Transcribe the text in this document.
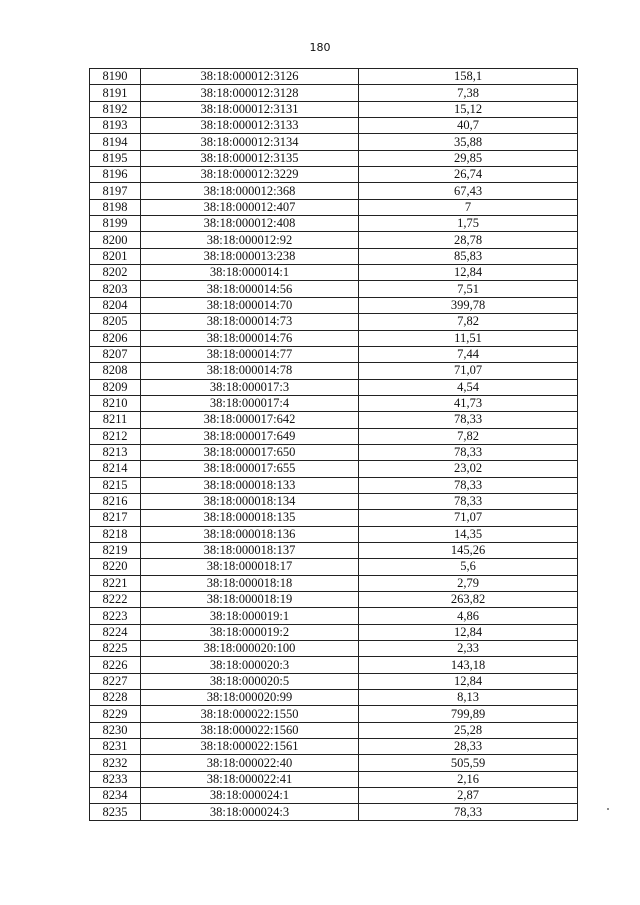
180
8190	38:18:000012:3126	158,1
8191	38:18:000012:3128	7,38
8192	38:18:000012:3131	15,12
8193	38:18:000012:3133	40,7
8194	38:18:000012:3134	35,88
8195	38:18:000012:3135	29,85
8196	38:18:000012:3229	26,74
8197	38:18:000012:368	67,43
8198	38:18:000012:407	7
8199	38:18:000012:408	1,75
8200	38:18:000012:92	28,78
8201	38:18:000013:238	85,83
8202	38:18:000014:1	12,84
8203	38:18:000014:56	7,51
8204	38:18:000014:70	399,78
8205	38:18:000014:73	7,82
8206	38:18:000014:76	11,51
8207	38:18:000014:77	7,44
8208	38:18:000014:78	71,07
8209	38:18:000017:3	4,54
8210	38:18:000017:4	41,73
8211	38:18:000017:642	78,33
8212	38:18:000017:649	7,82
8213	38:18:000017:650	78,33
8214	38:18:000017:655	23,02
8215	38:18:000018:133	78,33
8216	38:18:000018:134	78,33
8217	38:18:000018:135	71,07
8218	38:18:000018:136	14,35
8219	38:18:000018:137	145,26
8220	38:18:000018:17	5,6
8221	38:18:000018:18	2,79
8222	38:18:000018:19	263,82
8223	38:18:000019:1	4,86
8224	38:18:000019:2	12,84
8225	38:18:000020:100	2,33
8226	38:18:000020:3	143,18
8227	38:18:000020:5	12,84
8228	38:18:000020:99	8,13
8229	38:18:000022:1550	799,89
8230	38:18:000022:1560	25,28
8231	38:18:000022:1561	28,33
8232	38:18:000022:40	505,59
8233	38:18:000022:41	2,16
8234	38:18:000024:1	2,87
8235	38:18:000024:3	78,33
